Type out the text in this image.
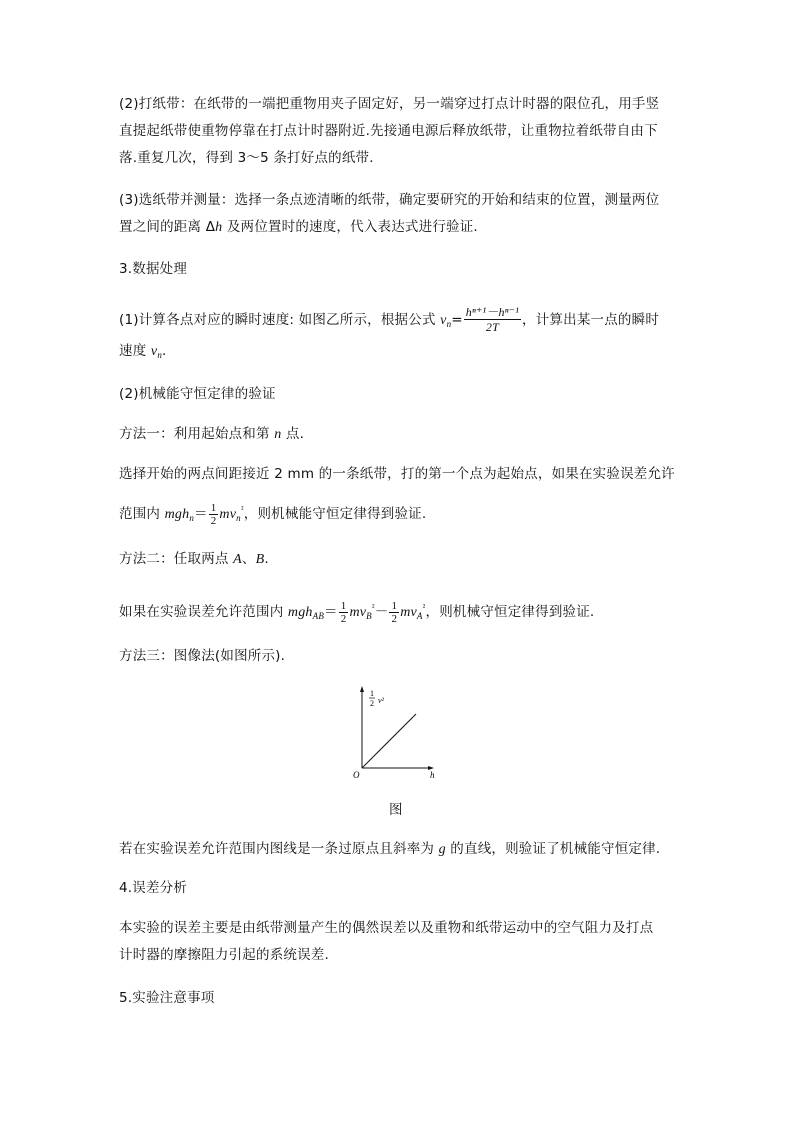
(2)打纸带：在纸带的一端把重物用夹子固定好，另一端穿过打点计时器的限位孔，用手竖
直提起纸带使重物停靠在打点计时器附近.先接通电源后释放纸带，让重物拉着纸带自由下
落.重复几次，得到 3～5 条打好点的纸带.
(3)选纸带并测量：选择一条点迹清晰的纸带，确定要研究的开始和结束的位置，测量两位
置之间的距离 Δh 及两位置时的速度，代入表达式进行验证.
3.数据处理
(1)计算各点对应的瞬时速度: 如图乙所示，根据公式 $v_n= \frac{\text{hⁿ⁺¹－hⁿ⁻¹}}{2T}$ ，计算出某一点的瞬时
速度 $v_n$.
(2)机械能守恒定律的验证
方法一：利用起始点和第 n 点.
选择开始的两点间距接近 2 mm 的一条纸带，打的第一个点为起始点，如果在实验误差允许
范围内 $mgh_n= \frac{1}{2} mv_n^{^2}$，则机械能守恒定律得到验证.
方法二：任取两点 A、B.
如果在实验误差允许范围内 $mgh_{AB}= \frac{1}{2} mv_B^{^2}- \frac{1}{2} mv_A^{^2}$，则机械守恒定律得到验证.
方法三：图像法(如图所示).
1
2 v²
O	h
图
若在实验误差允许范围内图线是一条过原点且斜率为 g 的直线，则验证了机械能守恒定律.
4.误差分析
本实验的误差主要是由纸带测量产生的偶然误差以及重物和纸带运动中的空气阻力及打点
计时器的摩擦阻力引起的系统误差.
5.实验注意事项
